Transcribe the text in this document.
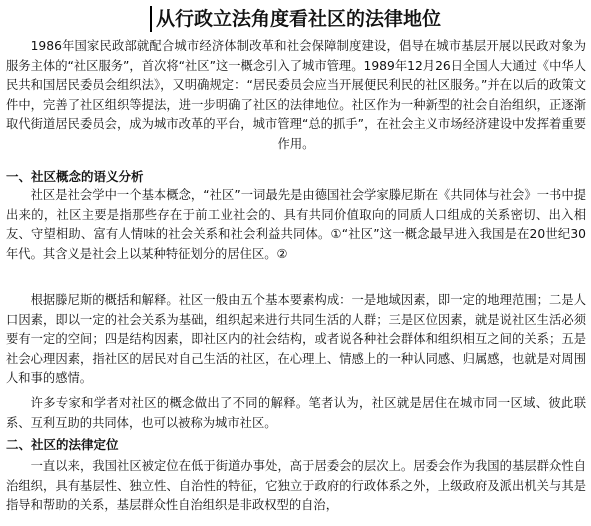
从行政立法角度看社区的法律地位

1986年国家民政部就配合城市经济体制改革和社会保障制度建设，倡导在城市基层开展以民政对象为服务主体的“社区服务”，首次将“社区”这一概念引入了城市管理。1989年12月26日全国人大通过《中华人民共和国居民委员会组织法》，又明确规定：“居民委员会应当开展便民利民的社区服务。”并在以后的政策文件中，完善了社区组织等提法，进一步明确了社区的法律地位。社区作为一种新型的社会自治组织，正逐渐取代街道居民委员会，成为城市改革的平台，城市管理“总的抓手”，在社会主义市场经济建设中发挥着重要作用。

一、社区概念的语义分析

社区是社会学中一个基本概念，“社区”一词最先是由德国社会学家滕尼斯在《共同体与社会》一书中提出来的，社区主要是指那些存在于前工业社会的、具有共同价值取向的同质人口组成的关系密切、出入相友、守望相助、富有人情味的社会关系和社会利益共同体。①“社区”这一概念最早进入我国是在20世纪30年代。其含义是社会上以某种特征划分的居住区。②

根据滕尼斯的概括和解释。社区一般由五个基本要素构成：一是地域因素，即一定的地理范围；二是人口因素，即以一定的社会关系为基础，组织起来进行共同生活的人群；三是区位因素，就是说社区生活必须要有一定的空间；四是结构因素，即社区内的社会结构，或者说各种社会群体和组织相互之间的关系；五是社会心理因素，指社区的居民对自己生活的社区，在心理上、情感上的一种认同感、归属感，也就是对周围人和事的感情。

许多专家和学者对社区的概念做出了不同的解释。笔者认为，社区就是居住在城市同一区域、彼此联系、互利互助的共同体，也可以被称为城市社区。

二、社区的法律定位

一直以来，我国社区被定位在低于街道办事处，高于居委会的层次上。居委会作为我国的基层群众性自治组织，具有基层性、独立性、自治性的特征，它独立于政府的行政体系之外，上级政府及派出机关与其是指导和帮助的关系，基层群众性自治组织是非政权型的自治，
